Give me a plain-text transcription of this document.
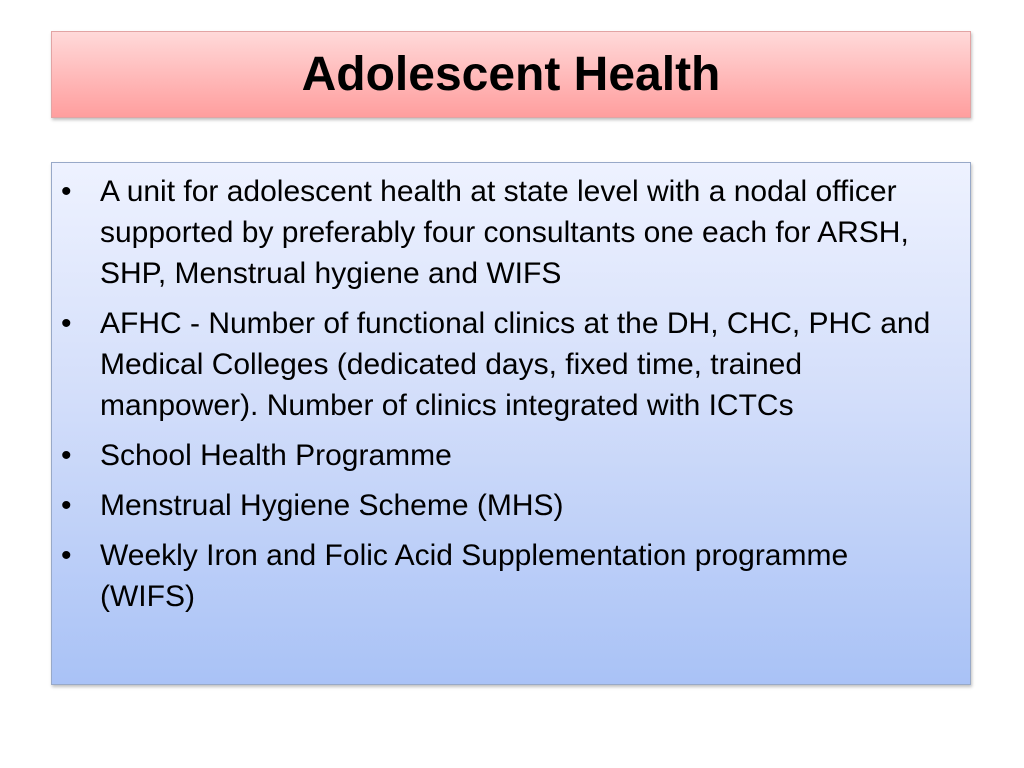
Adolescent Health
• A unit for adolescent health at state level with a nodal officer supported by preferably four consultants one each for ARSH, SHP, Menstrual hygiene and WIFS
• AFHC - Number of functional clinics at the DH, CHC, PHC and Medical Colleges (dedicated days, fixed time, trained manpower). Number of clinics integrated with ICTCs
• School Health Programme
• Menstrual Hygiene Scheme (MHS)
• Weekly Iron and Folic Acid Supplementation programme (WIFS)
